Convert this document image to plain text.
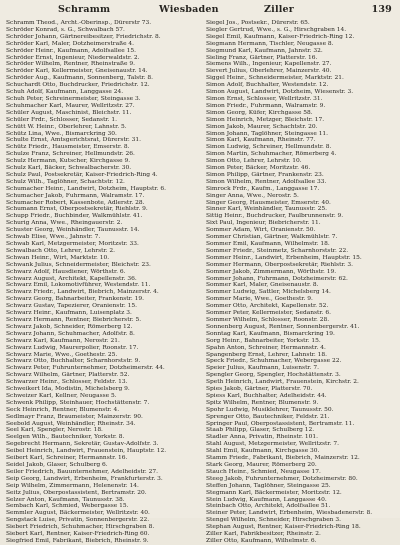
Schramm	Wiesbaden	Ziller	139
Schramm Theod., Archt.-Oberinsp., Dürerstr 73.
Schröder Konrad, s. G., Schwalbach 57.
Schröder Johann, Gärtnereibesitzer, Friedrichstr. 8.
Schröder Karl, Maler, Dotzheimerstraße 4.
Schröder Heinr., Kaufmann, Adolfsallee 15.
Schröder Ernst, Ingenieur, Niederwaldstr. 2.
Schröder Wilhelm, Rentner, Rheinstraße 9.
Schröder Karl, Kellermeister, Gneisenaustr. 14.
Schröder Aug., Kaufmann, Sonnenberg, Talstr. 8.
Schuchardt Otto, Buchdrucker, Friedrichstr. 12.
Schuh Adolf, Kaufmann, Langgasse 24.
Schuh Peter, Schreinermeister, Steingasse 3.
Schuhmacher Karl, Maurer, Wellritzstr. 27.
Schüler August, Maschinist, Bleichstr. 11.
Schüler Frdr., Schlosser, Sedanstr. 1.
Schütt W. Heinr., Oberlehrer, Lahnstr. 5.
Schütz Lina, Wwe., Bismarckring 30.
Schulte Ernst, Amtsgerichtsrat, Dürerstr. 31.
Schütz Friedr., Hausmeister, Emserstr. 8.
Schulze Franz, Schreiner, Hellmundstr. 26.
Schulz Hermann, Kutscher, Kirchgasse 9.
Schulz Karl, Bäcker, Schwalbacherstr. 30.
Schulz Paul, Postsekretär, Kaiser-Friedrich-Ring 4.
Schulz Wilh., Taglöhner, Schachtstr. 12.
Schumacher Heinr., Landwirt, Dotzheim, Hauptstr. 6.
Schumacher Jakob, Fuhrmann, Walramstr. 17.
Schumacher Robert, Kassenbote, Adlerstr. 28.
Schumann Ernst, Oberpostsekretär, Riehlstr. 9.
Schupp Friedr., Buchbinder, Walkmühlstr. 41.
Schurig Anna, Wwe., Rheingauerstr. 2.
Schuster Georg, Weinhändler, Taunusstr. 14.
Schwab Elise, Wwe., Jahnstr. 7.
Schwab Karl, Metzgermeister, Moritzstr. 33.
Schwalbach Otto, Lehrer, Lehrstr. 2.
Schwan Heinr., Wirt, Marktstr. 10.
Schwank Julius, Schneidermeister, Bleichstr. 23.
Schwarz Adolf, Hausdiener, Wörthstr. 6.
Schwarz August, Architekt, Kapellenstr. 36.
Schwarz Emil, Lokomotivführer, Westendstr. 11.
Schwarz Friedr., Landwirt, Biebrich, Mainzerstr. 4.
Schwarz Georg, Bahnarbeiter, Frankenstr. 19.
Schwarz Gustav, Tapezierer, Oranienstr. 15.
Schwarz Heinr., Kaufmann, Luisenplatz 3.
Schwarz Hermann, Rentner, Biebricherstr. 5.
Schwarz Jakob, Schneider, Römerberg 12.
Schwarz Johann, Schuhmacher, Adolfstr. 8.
Schwarz Karl, Kaufmann, Nerostr. 21.
Schwarz Ludwig, Maurerpolier, Roonstr. 17.
Schwarz Marie, Wwe., Goethestr. 25.
Schwarz Otto, Buchhalter, Scharnhorststr. 9.
Schwarz Peter, Fuhrunternehmer, Dotzheimerstr. 44.
Schwarz Wilhelm, Gärtner, Platterstr. 52.
Schwarzer Heinr., Schlosser, Feldstr. 13.
Schweikert Ida, Modistin, Michelsberg 9.
Schweizer Karl, Kellner, Neugasse 5.
Schwenk Philipp, Steinhauer, Hochstättenstr. 7.
Seck Heinrich, Rentner, Blumenstr. 4.
Sedlmayr Franz, Braumeister, Mainzerstr. 90.
Seebold August, Weinhändler, Rheinstr. 34.
Seel Karl, Spengler, Nerostr. 18.
Seelgen Wilh., Bautechniker, Yorkstr. 8.
Segebrecht Hermann, Sekretär, Gustav-Adolfstr. 3.
Seibel Heinrich, Landwirt, Frauenstein, Hauptstr. 12.
Seibert Karl, Schreiner, Hermannstr. 16.
Seidel Jakob, Glaser, Schulberg 6.
Seiler Friedrich, Bauunternehmer, Adelheidstr. 27.
Seip Georg, Landwirt, Erbenheim, Frankfurterstr. 3.
Seip Wilhelm, Zimmermann, Helenenstr. 14.
Seitz Julius, Oberpostassistent, Bertramstr. 20.
Selzer Anton, Kaufmann, Taunusstr. 38.
Sembach Karl, Schmied, Webergasse 15.
Semmler August, Bäckermeister, Wellritzstr. 40.
Sengstack Luise, Privatin, Sonnenbergerstr. 22.
Siebert Friedrich, Schuhmacher, Hirschgraben 8.
Siebert Karl, Rentner, Kaiser-Friedrich-Ring 60.
Siegfried Emil, Fabrikant, Biebrich, Rheinstr. 9.
Siegel Jos., Postsekr., Dürerstr. 65.
Siegler Gertrud, Wwe., s. G., Hirschgraben 14.
Siegel Emil, Kaufmann, Kaiser-Friedrich-Ring 12.
Siegmann Hermann, Tischler, Neugasse 8.
Siegmund Karl, Kaufmann, Jahnstr. 32.
Sieling Franz, Gärtner, Platterstr. 16.
Siemens Wilh., Ingenieur, Kapellenstr. 27.
Sievert Julius, Oberlehrer, Mainzerstr. 40.
Siggel Heinr., Schneidermeister, Marktstr. 21.
Simon Adolf, Buchhalter, Westendstr. 12.
Simon August, Landwirt, Dotzheim, Wiesenstr. 3.
Simon Ernst, Schlosser, Wellritzstr. 31.
Simon Friedr., Fuhrmann, Walramstr. 9.
Simon Georg, Küfer, Kirchgasse 58.
Simon Heinrich, Metzger, Bleichstr. 17.
Simon Jakob, Maurer, Schachtstr. 20.
Simon Johann, Taglöhner, Steingasse 11.
Simon Karl, Kaufmann, Rheinstr. 77.
Simon Ludwig, Schreiner, Hellmundstr. 8.
Simon Martin, Schuhmacher, Römerberg 4.
Simon Otto, Lehrer, Lehrstr. 10.
Simon Peter, Bäcker, Moritzstr. 46.
Simon Philipp, Gärtner, Frankenstr. 23.
Simon Wilhelm, Rentner, Adolfsallee 33.
Simrock Frdr., Kaufm., Langgasse 17.
Singer Anna, Wwe., Nerostr. 5.
Singer Georg, Hausmeister, Emserstr. 40.
Sinner Karl, Weinhändler, Taunusstr. 25.
Sittig Heinr., Buchdrucker, Faulbrunnenstr. 9.
Sixt Paul, Ingenieur, Biebricherstr. 11.
Sommer Adam, Wirt, Oranienstr. 50.
Sommer Christian, Gärtner, Walkmühlstr. 7.
Sommer Emil, Kaufmann, Wilhelmstr. 18.
Sommer Friedr., Steinmetz, Scharnhorststr. 22.
Sommer Heinr., Landwirt, Erbenheim, Hauptstr. 15.
Sommer Hermann, Oberpostsekretär, Riehlstr. 3.
Sommer Jakob, Zimmermann, Wörthstr. 19.
Sommer Johann, Fuhrmann, Dotzheimerstr. 62.
Sommer Karl, Maler, Gneisenaustr. 8.
Sommer Ludwig, Sattler, Michelsberg 14.
Sommer Marie, Wwe., Goethestr. 9.
Sommer Otto, Architekt, Kapellenstr. 52.
Sommer Peter, Kellermeister, Sedanstr. 6.
Sommer Wilhelm, Schlosser, Roonstr. 28.
Sonnenberg August, Rentner, Sonnenbergerstr. 41.
Sonntag Karl, Kaufmann, Bismarckring 19.
Sorg Heinr., Bahnarbeiter, Yorkstr. 15.
Spahn Anton, Schreiner, Hermannstr. 4.
Spangenberg Ernst, Lehrer, Lahnstr. 18.
Speck Friedr., Schuhmacher, Webergasse 22.
Speier Julius, Kaufmann, Luisenstr. 7.
Spengler Georg, Spengler, Hochstättenstr. 3.
Speth Heinrich, Landwirt, Frauenstein, Kirchstr. 2.
Spies Jakob, Gärtner, Platterstr. 70.
Spiess Karl, Buchhalter, Adelheidstr. 44.
Spitz Wilhelm, Rentner, Blumenstr. 9.
Spohr Ludwig, Musiklehrer, Taunusstr. 50.
Sprenger Otto, Bautechniker, Feldstr. 21.
Springer Paul, Oberpostassistent, Bertramstr. 11.
Staab Philipp, Glaser, Schulberg 12.
Stadler Anna, Privatin, Rheinstr. 101.
Stahl August, Metzgermeister, Wellritzstr. 7.
Stahl Emil, Kaufmann, Kirchgasse 30.
Stamm Friedr., Fabrikant, Biebrich, Mainzerstr. 12.
Stark Georg, Maurer, Römerberg 20.
Stauch Heinr., Schmied, Neugasse 17.
Steeg Jakob, Fuhrunternehmer, Dotzheimerstr. 80.
Steffen Johann, Taglöhner, Steingasse 25.
Stegmann Karl, Bäckermeister, Moritzstr. 12.
Stein Ludwig, Kaufmann, Langgasse 40.
Steinbach Otto, Architekt, Adolfsallee 51.
Steiner Peter, Landwirt, Erbenheim, Wiesbadenerstr. 8.
Stengel Wilhelm, Schneider, Hirschgraben 3.
Stephan August, Rentner, Kaiser-Friedrich-Ring 18.
Ziller Karl, Fabrikbesitzer, Rheinstr. 2.
Ziller Otto, Kaufmann, Wilhelmstr. 6.
